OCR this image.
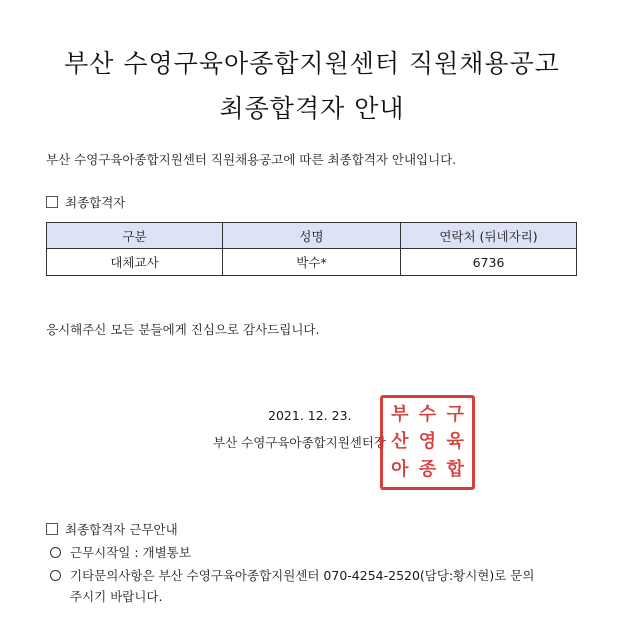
부산 수영구육아종합지원센터 직원채용공고
최종합격자 안내
부산 수영구육아종합지원센터 직원채용공고에 따른 최종합격자 안내입니다.
최종합격자
구분	성명	연락처 (뒤네자리)
대체교사	박수*	6736
응시해주신 모든 분들에게 진심으로 감사드립니다.
2021. 12. 23.
부산 수영구육아종합지원센터장
부 수 구
산 영 육
아 종 합
최종합격자 근무안내
근무시작일 : 개별통보
기타문의사항은 부산 수영구육아종합지원센터 070-4254-2520(담당:황시현)로 문의
주시기 바랍니다.
